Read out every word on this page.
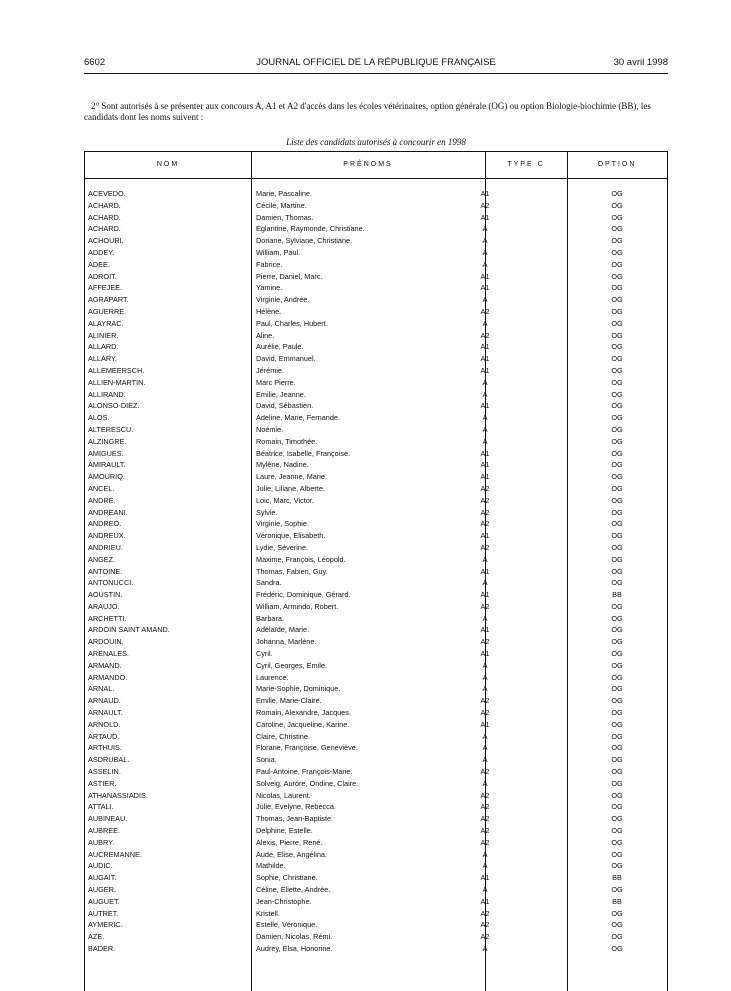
6602	JOURNAL OFFICIEL DE LA RÉPUBLIQUE FRANÇAISE	30 avril 1998
2° Sont autorisés à se présenter aux concours A, A1 et A2 d'accès dans les écoles vétérinaires, option générale (OG) ou option Biologie-biochimie (BB), les candidats dont les noms suivent :
Liste des candidats autorisés à concourir en 1998
NOM	PRÉNOMS	TYPE C	OPTION
ACEVEDO.	Marie, Pascaline.	A1	OG
ACHARD.	Cécile, Martine.	A2	OG
ACHARD.	Damien, Thomas.	A1	OG
ACHARD.	Eglantine, Raymonde, Christiane.	A	OG
ACHOURI.	Doriane, Sylviane, Christiane.	A	OG
ADDEY.	William, Paul.	A	OG
ADEE.	Fabrice.	A	OG
ADROIT.	Pierre, Daniel, Marc.	A1	OG
AFFEJEE.	Yamine.	A1	OG
AGRAPART.	Virginie, Andrée.	A	OG
AGUERRE.	Hélène.	A2	OG
ALAYRAC.	Paul, Charles, Hubert.	A	OG
ALINIER.	Aline.	A2	OG
ALLARD.	Aurélie, Paule.	A1	OG
ALLARY.	David, Emmanuel.	A1	OG
ALLEMEERSCH.	Jérémie.	A1	OG
ALLIEN-MARTIN.	Marc Pierre.	A	OG
ALLIRAND.	Emilie, Jeanne.	A	OG
ALONSO-DIEZ.	David, Sébastien.	A1	OG
ALOS.	Adeline, Marie, Fernande.	A	OG
ALTERESCU.	Noémie.	A	OG
ALZINGRE.	Romain, Timothée.	A	OG
AMIGUES.	Béatrice, Isabelle, Françoise.	A1	OG
AMIRAULT.	Mylène, Nadine.	A1	OG
AMOURIQ.	Laure, Jeanne, Marie.	A1	OG
ANCEL.	Julie, Liliane, Alberte.	A2	OG
ANDRE.	Loic, Marc, Victor.	A2	OG
ANDREANI.	Sylvie.	A2	OG
ANDREO.	Virginie, Sophie.	A2	OG
ANDREUX.	Véronique, Elisabeth.	A1	OG
ANDRIEU.	Lydie, Séverine.	A2	OG
ANGEZ.	Maxime, François, Léopold.	A	OG
ANTOINE.	Thomas, Fabien, Guy.	A1	OG
ANTONUCCI.	Sandra.	A	OG
AOUSTIN.	Frédéric, Dominique, Gérard.	A1	BB
ARAUJO.	William, Armindo, Robert.	A2	OG
ARCHETTI.	Barbara.	A	OG
ARDOIN SAINT AMAND.	Adélaïde, Marie.	A1	OG
ARDOUIN.	Johanna, Marlène.	A2	OG
ARENALES.	Cyril.	A1	OG
ARMAND.	Cyril, Georges, Emile.	A	OG
ARMANDO.	Laurence.	A	OG
ARNAL.	Marie-Sophie, Dominique.	A	OG
ARNAUD.	Emilie, Marie-Claire.	A2	OG
ARNAULT.	Romain, Alexandre, Jacques.	A2	OG
ARNOLD.	Caroline, Jacqueline, Karine.	A1	OG
ARTAUD.	Claire, Christine.	A	OG
ARTHUIS.	Florane, Françoise, Geneviève.	A	OG
ASDRUBAL.	Sonia.	A	OG
ASSELIN.	Paul-Antoine, François-Marie.	A2	OG
ASTIER.	Solveig, Aurore, Ondine, Claire.	A	OG
ATHANASSIADIS.	Nicolas, Laurent.	A2	OG
ATTALI.	Julie, Evelyne, Rebecca.	A2	OG
AUBINEAU.	Thomas, Jean-Baptiste.	A2	OG
AUBREE.	Delphine, Estelle.	A2	OG
AUBRY.	Alexis, Pierre, René.	A2	OG
AUCREMANNE.	Aude, Elise, Angélina.	A	OG
AUDIC.	Mathilde.	A	OG
AUGAIT.	Sophie, Christiane.	A1	BB
AUGER.	Céline, Eliette, Andrée.	A	OG
AUGUET.	Jean-Christophe.	A1	BB
AUTRET.	Kristell.	A2	OG
AYMERIC.	Estelle, Véronique.	A2	OG
AZE.	Damien, Nicolas, Rémi.	A2	OG
BADER.	Audrey, Elsa, Honorine.	A	OG
